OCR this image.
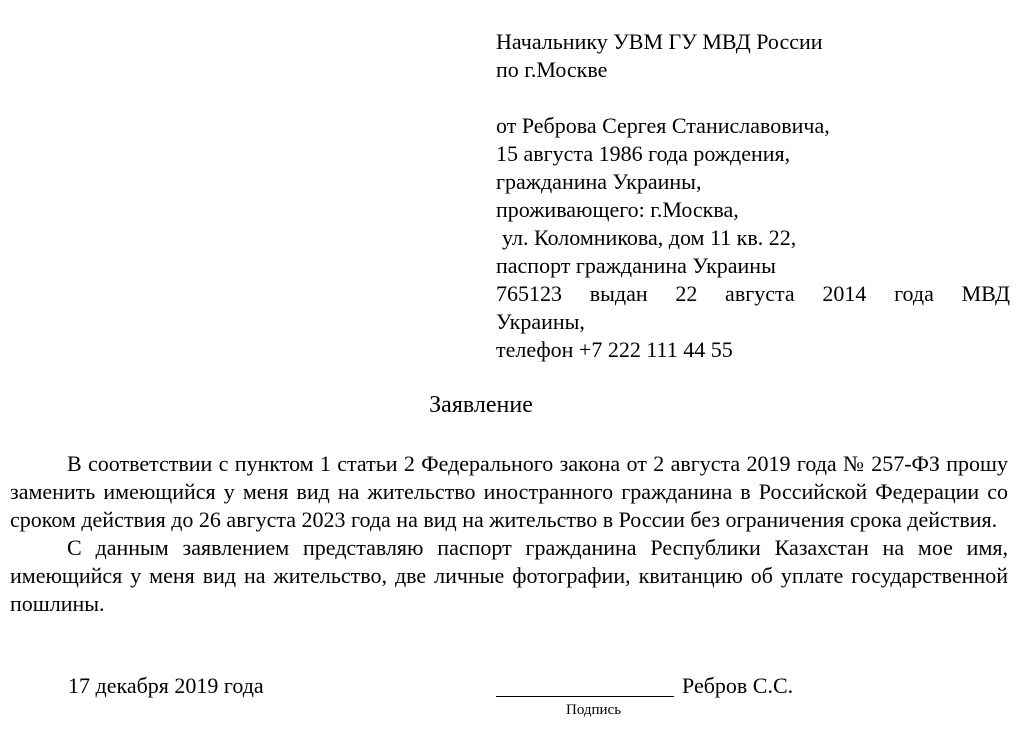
Начальнику УВМ ГУ МВД России
по г.Москве
от Реброва Сергея Станиславовича,
15 августа 1986 года рождения,
гражданина Украины,
проживающего: г.Москва,
ул. Коломникова, дом 11 кв. 22,
паспорт гражданина Украины
765123 выдан 22 августа 2014 года МВД
Украины,
телефон +7 222 111 44 55
Заявление

В соответствии с пунктом 1 статьи 2 Федерального закона от 2 августа 2019 года № 257-ФЗ прошу заменить имеющийся у меня вид на жительство иностранного гражданина в Российской Федерации со сроком действия до 26 августа 2023 года на вид на жительство в России без ограничения срока действия.

С данным заявлением представляю паспорт гражданина Республики Казахстан на мое имя, имеющийся у меня вид на жительство, две личные фотографии, квитанцию об уплате государственной пошлины.

17 декабря 2019 года	Ребров С.С.
Подпись
